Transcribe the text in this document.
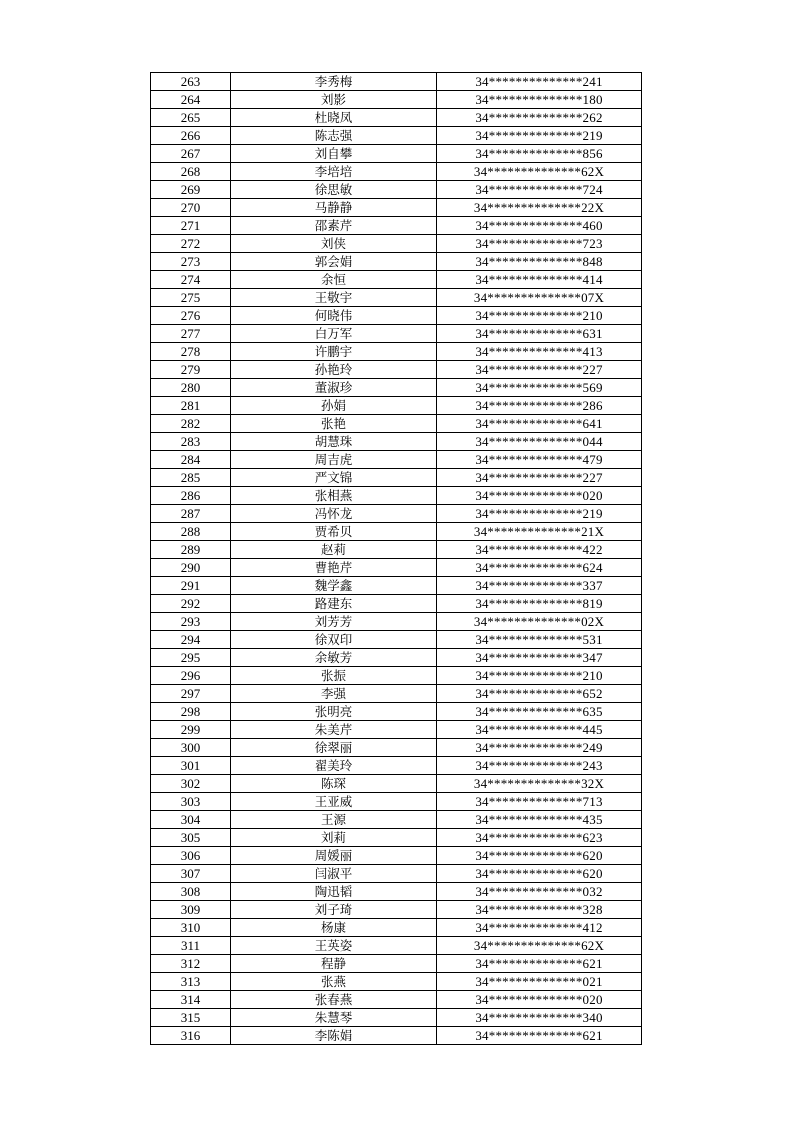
263	李秀梅	34**************241
264	刘影	34**************180
265	杜晓凤	34**************262
266	陈志强	34**************219
267	刘自攀	34**************856
268	李培培	34**************62X
269	徐思敏	34**************724
270	马静静	34**************22X
271	邵素芹	34**************460
272	刘侠	34**************723
273	郭会娟	34**************848
274	余恒	34**************414
275	王敬宇	34**************07X
276	何晓伟	34**************210
277	白万军	34**************631
278	许鹏宇	34**************413
279	孙艳玲	34**************227
280	董淑珍	34**************569
281	孙娟	34**************286
282	张艳	34**************641
283	胡慧珠	34**************044
284	周吉虎	34**************479
285	严文锦	34**************227
286	张相燕	34**************020
287	冯怀龙	34**************219
288	贾希贝	34**************21X
289	赵莉	34**************422
290	曹艳芹	34**************624
291	魏学鑫	34**************337
292	路建东	34**************819
293	刘芳芳	34**************02X
294	徐双印	34**************531
295	余敏芳	34**************347
296	张振	34**************210
297	李强	34**************652
298	张明亮	34**************635
299	朱美芹	34**************445
300	徐翠丽	34**************249
301	翟美玲	34**************243
302	陈琛	34**************32X
303	王亚威	34**************713
304	王源	34**************435
305	刘莉	34**************623
306	周媛丽	34**************620
307	闫淑平	34**************620
308	陶迅韬	34**************032
309	刘子琦	34**************328
310	杨康	34**************412
311	王英姿	34**************62X
312	程静	34**************621
313	张燕	34**************021
314	张春燕	34**************020
315	朱慧琴	34**************340
316	李陈娟	34**************621
